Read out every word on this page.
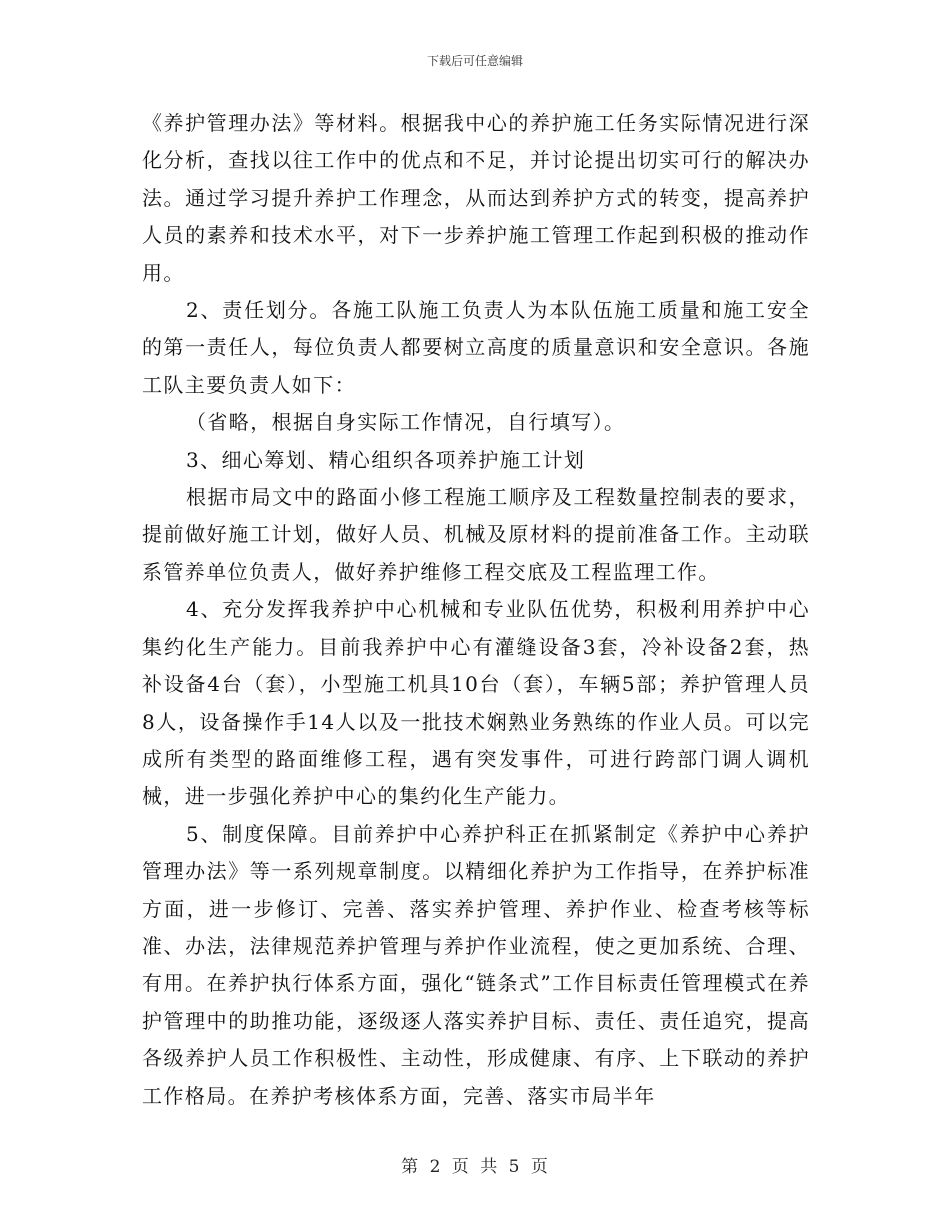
下载后可任意编辑

《养护管理办法》等材料。根据我中心的养护施工任务实际情况进行深化分析，查找以往工作中的优点和不足，并讨论提出切实可行的解决办法。通过学习提升养护工作理念，从而达到养护方式的转变，提高养护人员的素养和技术水平，对下一步养护施工管理工作起到积极的推动作用。

2、责任划分。各施工队施工负责人为本队伍施工质量和施工安全的第一责任人，每位负责人都要树立高度的质量意识和安全意识。各施工队主要负责人如下：

（省略，根据自身实际工作情况，自行填写）。

3、细心筹划、精心组织各项养护施工计划

根据市局文中的路面小修工程施工顺序及工程数量控制表的要求，提前做好施工计划，做好人员、机械及原材料的提前准备工作。主动联系管养单位负责人，做好养护维修工程交底及工程监理工作。

4、充分发挥我养护中心机械和专业队伍优势，积极利用养护中心集约化生产能力。目前我养护中心有灌缝设备3套，冷补设备2套，热补设备4台（套），小型施工机具10台（套），车辆5部；养护管理人员8人，设备操作手14人以及一批技术娴熟业务熟练的作业人员。可以完成所有类型的路面维修工程，遇有突发事件，可进行跨部门调人调机械，进一步强化养护中心的集约化生产能力。

5、制度保障。目前养护中心养护科正在抓紧制定《养护中心养护管理办法》等一系列规章制度。以精细化养护为工作指导，在养护标准方面，进一步修订、完善、落实养护管理、养护作业、检查考核等标准、办法，法律规范养护管理与养护作业流程，使之更加系统、合理、有用。在养护执行体系方面，强化“链条式”工作目标责任管理模式在养护管理中的助推功能，逐级逐人落实养护目标、责任、责任追究，提高各级养护人员工作积极性、主动性，形成健康、有序、上下联动的养护工作格局。在养护考核体系方面，完善、落实市局半年

第 2 页 共 5 页
